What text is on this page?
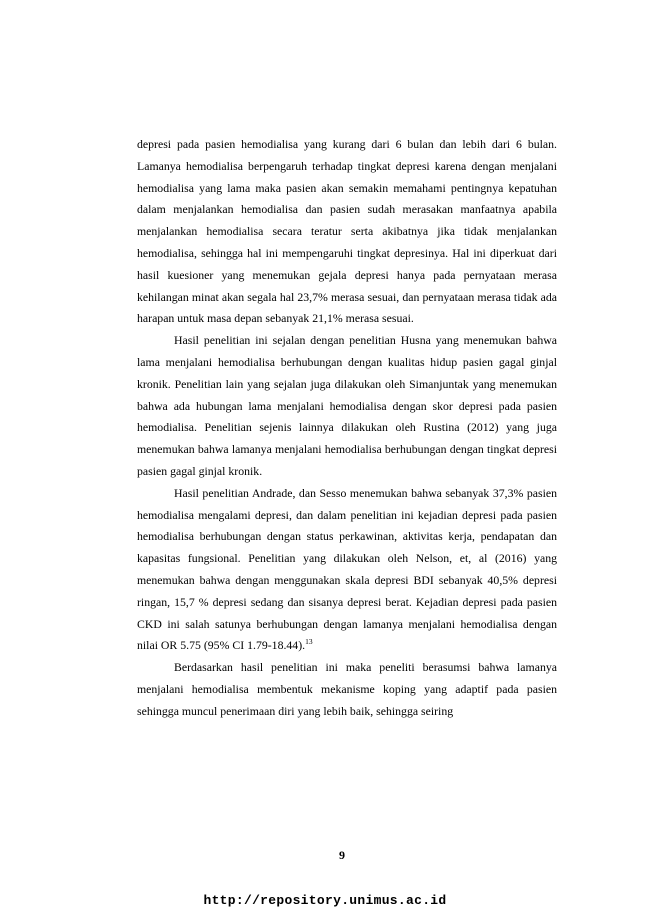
depresi pada pasien hemodialisa yang kurang dari 6 bulan dan lebih dari 6 bulan. Lamanya hemodialisa berpengaruh terhadap tingkat depresi karena dengan menjalani hemodialisa yang lama maka pasien akan semakin memahami pentingnya kepatuhan dalam menjalankan hemodialisa dan pasien sudah merasakan manfaatnya apabila menjalankan hemodialisa secara teratur serta akibatnya jika tidak menjalankan hemodialisa, sehingga hal ini mempengaruhi tingkat depresinya. Hal ini diperkuat dari hasil kuesioner yang menemukan gejala depresi hanya pada pernyataan merasa kehilangan minat akan segala hal 23,7% merasa sesuai, dan pernyataan merasa tidak ada harapan untuk masa depan sebanyak 21,1% merasa sesuai.

Hasil penelitian ini sejalan dengan penelitian Husna yang menemukan bahwa lama menjalani hemodialisa berhubungan dengan kualitas hidup pasien gagal ginjal kronik. Penelitian lain yang sejalan juga dilakukan oleh Simanjuntak yang menemukan bahwa ada hubungan lama menjalani hemodialisa dengan skor depresi pada pasien hemodialisa. Penelitian sejenis lainnya dilakukan oleh Rustina (2012) yang juga menemukan bahwa lamanya menjalani hemodialisa berhubungan dengan tingkat depresi pasien gagal ginjal kronik.

Hasil penelitian Andrade, dan Sesso menemukan bahwa sebanyak 37,3% pasien hemodialisa mengalami depresi, dan dalam penelitian ini kejadian depresi pada pasien hemodialisa berhubungan dengan status perkawinan, aktivitas kerja, pendapatan dan kapasitas fungsional. Penelitian yang dilakukan oleh Nelson, et, al (2016) yang menemukan bahwa dengan menggunakan skala depresi BDI sebanyak 40,5% depresi ringan, 15,7 % depresi sedang dan sisanya depresi berat. Kejadian depresi pada pasien CKD ini salah satunya berhubungan dengan lamanya menjalani hemodialisa dengan nilai OR 5.75 (95% CI 1.79-18.44).$^{13}$

Berdasarkan hasil penelitian ini maka peneliti berasumsi bahwa lamanya menjalani hemodialisa membentuk mekanisme koping yang adaptif pada pasien sehingga muncul penerimaan diri yang lebih baik, sehingga seiring

9
http://repository.unimus.ac.id
